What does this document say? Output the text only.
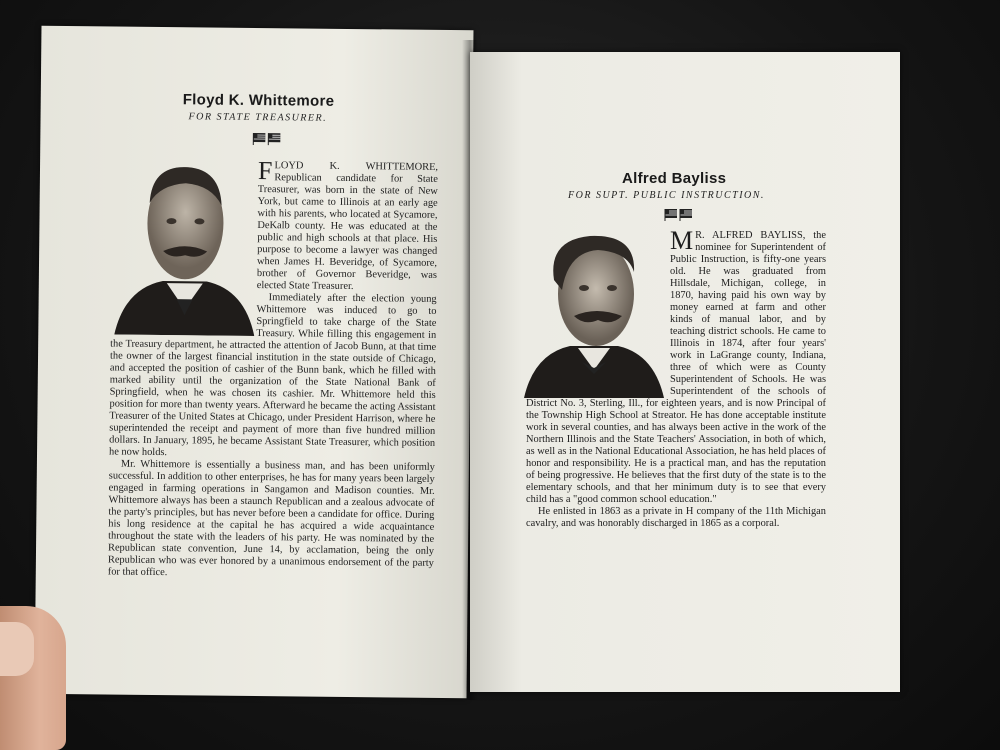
Floyd K. Whittemore
FOR STATE TREASURER.

FLOYD K. WHITTEMORE, Republican candidate for State Treasurer, was born in the state of New York, but came to Illinois at an early age with his parents, who located at Sycamore, DeKalb county. He was educated at the public and high schools at that place. His purpose to become a lawyer was changed when James H. Beveridge, of Sycamore, brother of Governor Beveridge, was elected State Treasurer.

Immediately after the election young Whittemore was induced to go to Springfield to take charge of the State Treasury. While filling this engagement in the Treasury department, he attracted the attention of Jacob Bunn, at that time the owner of the largest financial institution in the state outside of Chicago, and accepted the position of cashier of the Bunn bank, which he filled with marked ability until the organization of the State National Bank of Springfield, when he was chosen its cashier. Mr. Whittemore held this position for more than twenty years. Afterward he became the acting Assistant Treasurer of the United States at Chicago, under President Harrison, where he superintended the receipt and payment of more than five hundred million dollars. In January, 1895, he became Assistant State Treasurer, which position he now holds.

Mr. Whittemore is essentially a business man, and has been uniformly successful. In addition to other enterprises, he has for many years been largely engaged in farming operations in Sangamon and Madison counties. Mr. Whittemore always has been a staunch Republican and a zealous advocate of the party's principles, but has never before been a candidate for office. During his long residence at the capital he has acquired a wide acquaintance throughout the state with the leaders of his party. He was nominated by the Republican state convention, June 14, by acclamation, being the only Republican who was ever honored by a unanimous endorsement of the party for that office.

Alfred Bayliss
FOR SUPT. PUBLIC INSTRUCTION.

M R. ALFRED BAYLISS, the nominee for Superintendent of Public Instruction, is fifty-one years old. He was graduated from Hillsdale, Michigan, college, in 1870, having paid his own way by money earned at farm and other kinds of manual labor, and by teaching district schools. He came to Illinois in 1874, after four years' work in LaGrange county, Indiana, three of which were as County Superintendent of Schools. He was Superintendent of the schools of District No. 3, Sterling, Ill., for eighteen years, and is now Principal of the Township High School at Streator. He has done acceptable institute work in several counties, and has always been active in the work of the Northern Illinois and the State Teachers' Association, in both of which, as well as in the National Educational Association, he has held places of honor and responsibility. He is a practical man, and has the reputation of being progressive. He believes that the first duty of the state is to the elementary schools, and that her minimum duty is to see that every child has a "good common school education."

He enlisted in 1863 as a private in H company of the 11th Michigan cavalry, and was honorably discharged in 1865 as a corporal.
